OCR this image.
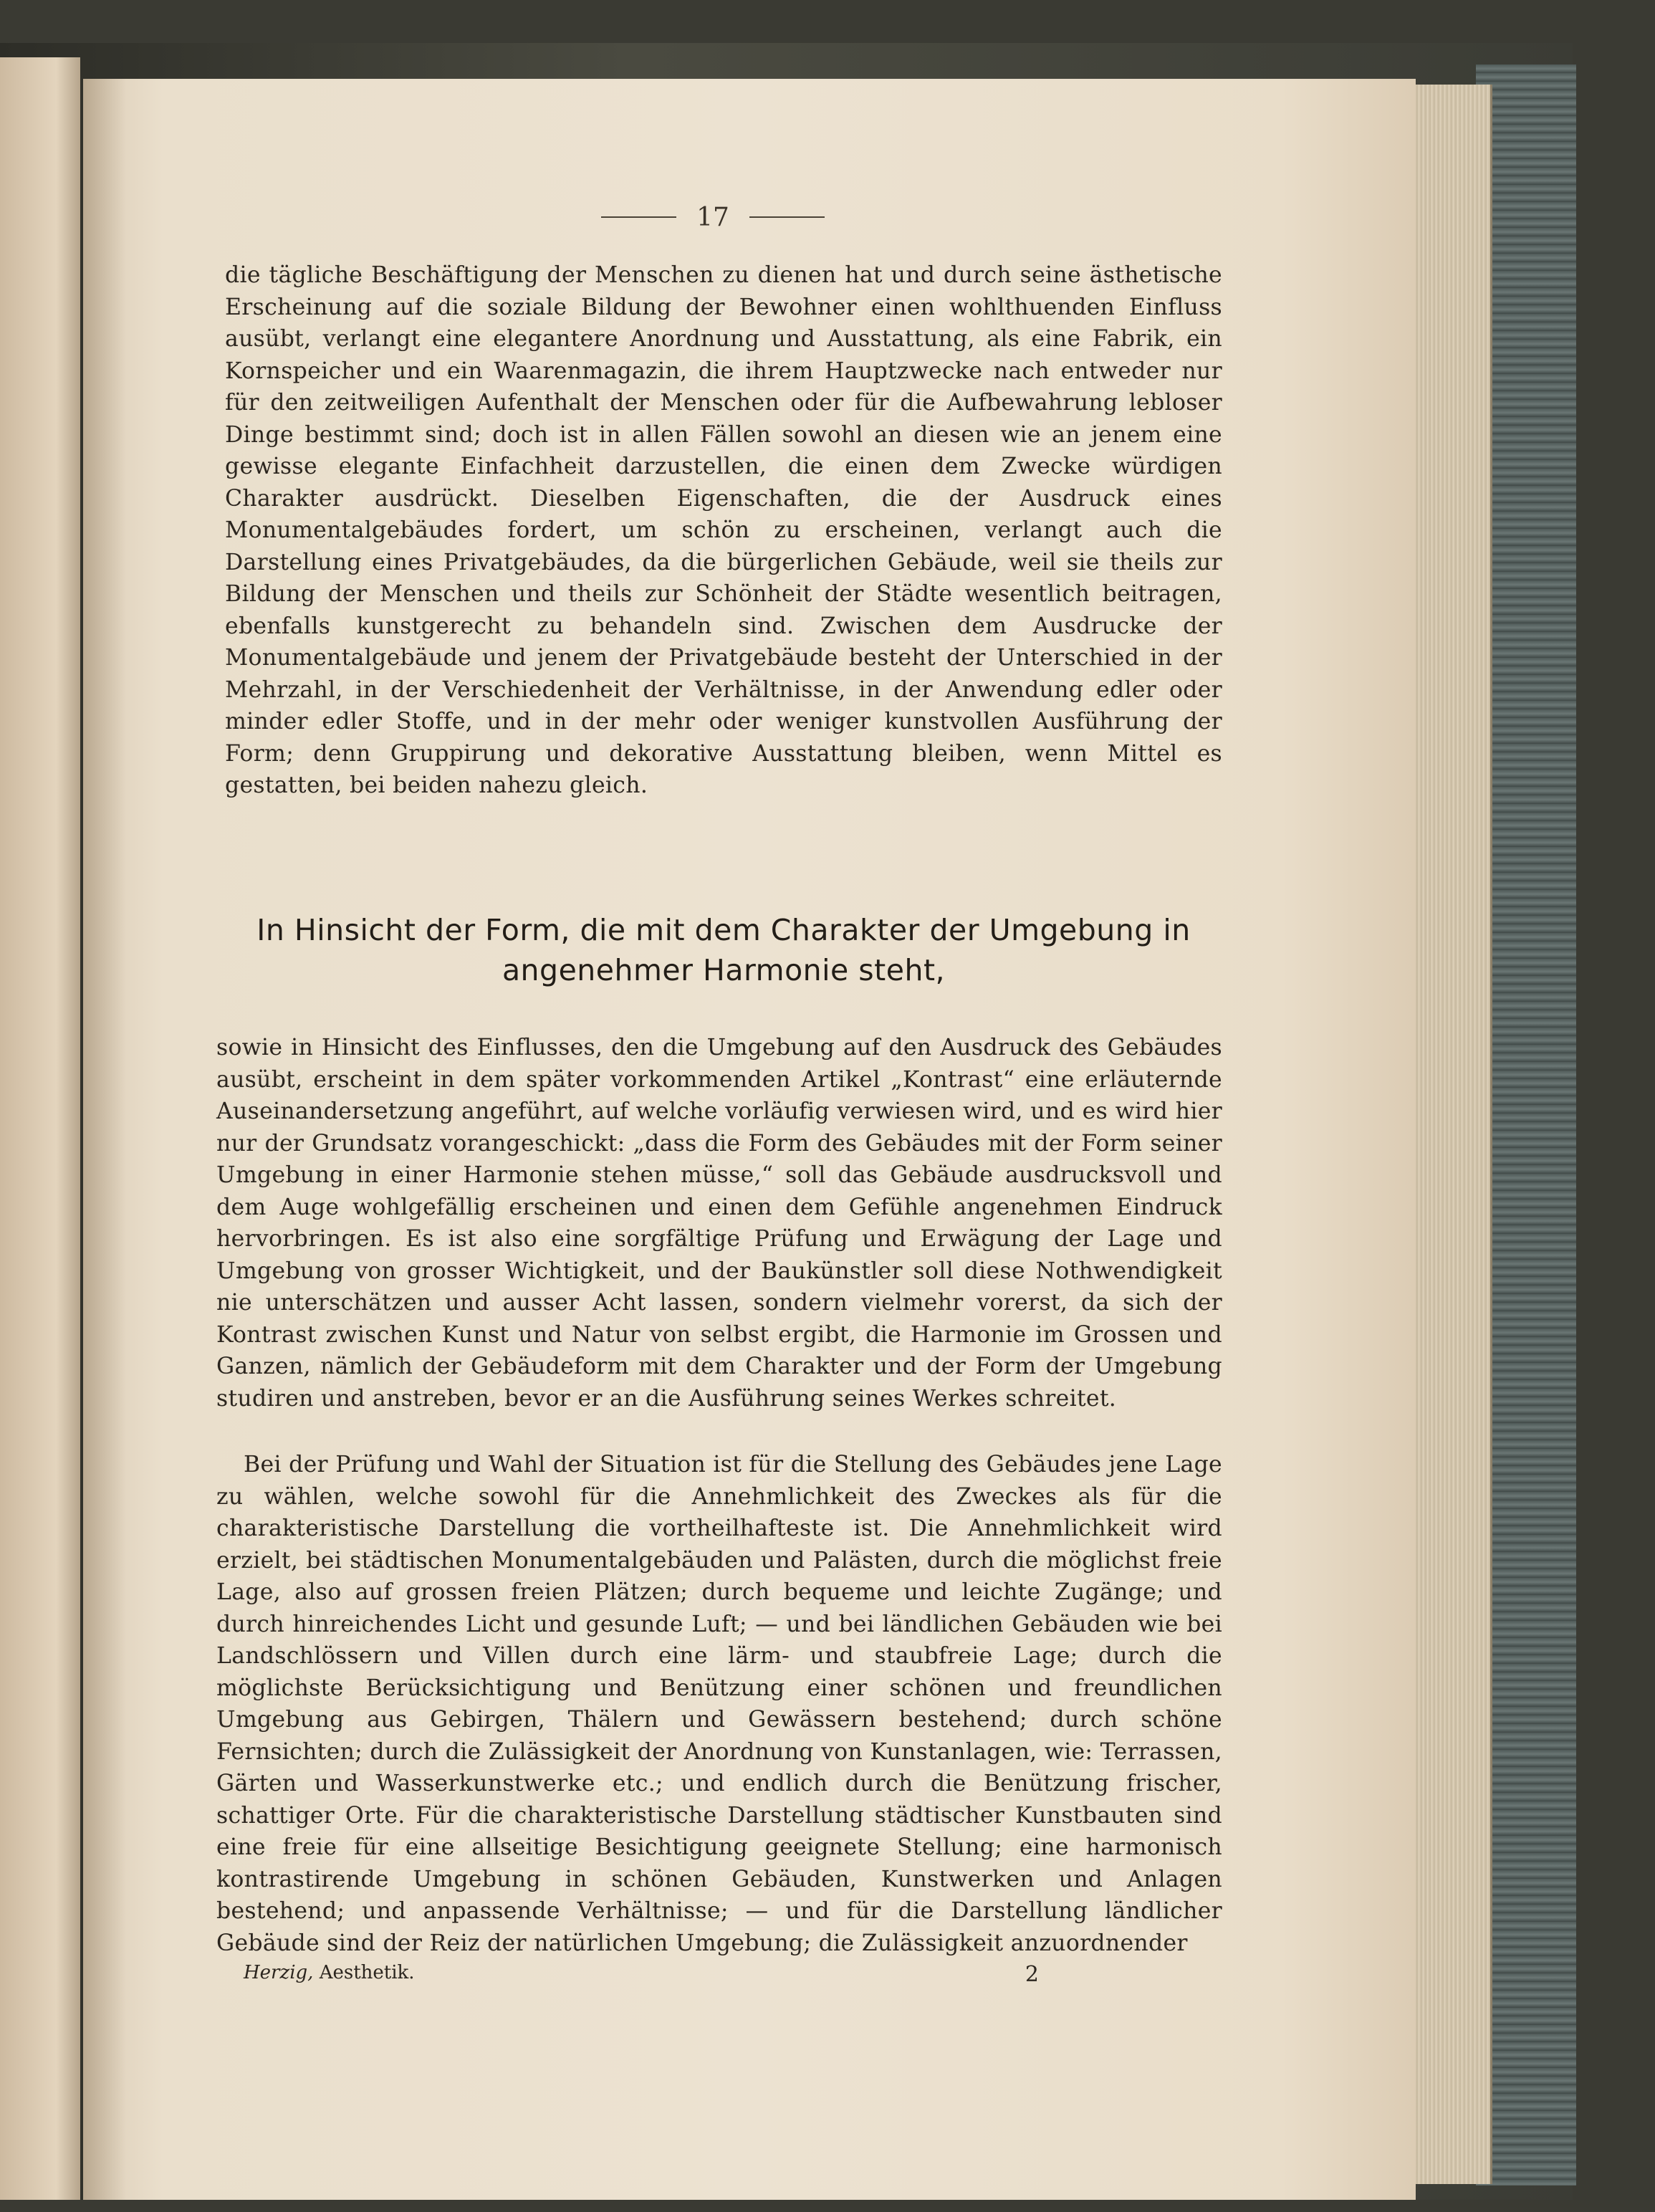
17
die tägliche Beschäftigung der Menschen zu dienen hat und durch seine ästhetische Erscheinung auf die soziale Bildung der Bewohner einen wohlthuenden Einfluss ausübt, verlangt eine elegantere Anordnung und Ausstattung, als eine Fabrik, ein Kornspeicher und ein Waarenmagazin, die ihrem Hauptzwecke nach entweder nur für den zeitweiligen Aufenthalt der Menschen oder für die Aufbewahrung lebloser Dinge bestimmt sind; doch ist in allen Fällen sowohl an diesen wie an jenem eine gewisse elegante Einfachheit darzustellen, die einen dem Zwecke würdigen Charakter ausdrückt. Dieselben Eigenschaften, die der Ausdruck eines Monumentalgebäudes fordert, um schön zu erscheinen, verlangt auch die Darstellung eines Privatgebäudes, da die bürgerlichen Gebäude, weil sie theils zur Bildung der Menschen und theils zur Schönheit der Städte wesentlich beitragen, ebenfalls kunstgerecht zu behandeln sind. Zwischen dem Ausdrucke der Monumentalgebäude und jenem der Privatgebäude besteht der Unterschied in der Mehrzahl, in der Verschiedenheit der Verhältnisse, in der Anwendung edler oder minder edler Stoffe, und in der mehr oder weniger kunstvollen Ausführung der Form; denn Gruppirung und dekorative Ausstattung bleiben, wenn Mittel es gestatten, bei beiden nahezu gleich.
In Hinsicht der Form, die mit dem Charakter der Umgebung in
angenehmer Harmonie steht,
sowie in Hinsicht des Einflusses, den die Umgebung auf den Ausdruck des Gebäudes ausübt, erscheint in dem später vorkommenden Artikel „Kontrast“ eine erläuternde Auseinandersetzung angeführt, auf welche vorläufig verwiesen wird, und es wird hier nur der Grundsatz vorangeschickt: „dass die Form des Gebäudes mit der Form seiner Umgebung in einer Harmonie stehen müsse,“ soll das Gebäude ausdrucksvoll und dem Auge wohlgefällig erscheinen und einen dem Gefühle angenehmen Eindruck hervorbringen. Es ist also eine sorgfältige Prüfung und Erwägung der Lage und Umgebung von grosser Wichtigkeit, und der Baukünstler soll diese Nothwendigkeit nie unterschätzen und ausser Acht lassen, sondern vielmehr vorerst, da sich der Kontrast zwischen Kunst und Natur von selbst ergibt, die Harmonie im Grossen und Ganzen, nämlich der Gebäudeform mit dem Charakter und der Form der Umgebung studiren und anstreben, bevor er an die Ausführung seines Werkes schreitet.
Bei der Prüfung und Wahl der Situation ist für die Stellung des Gebäudes jene Lage zu wählen, welche sowohl für die Annehmlichkeit des Zweckes als für die charakteristische Darstellung die vortheilhafteste ist. Die Annehmlichkeit wird erzielt, bei städtischen Monumentalgebäuden und Palästen, durch die möglichst freie Lage, also auf grossen freien Plätzen; durch bequeme und leichte Zugänge; und durch hinreichendes Licht und gesunde Luft; — und bei ländlichen Gebäuden wie bei Landschlössern und Villen durch eine lärm- und staubfreie Lage; durch die möglichste Berücksichtigung und Benützung einer schönen und freundlichen Umgebung aus Gebirgen, Thälern und Gewässern bestehend; durch schöne Fernsichten; durch die Zulässigkeit der Anordnung von Kunstanlagen, wie: Terrassen, Gärten und Wasserkunstwerke etc.; und endlich durch die Benützung frischer, schattiger Orte. Für die charakteristische Darstellung städtischer Kunstbauten sind eine freie für eine allseitige Besichtigung geeignete Stellung; eine harmonisch kontrastirende Umgebung in schönen Gebäuden, Kunstwerken und Anlagen bestehend; und anpassende Verhältnisse; — und für die Darstellung ländlicher Gebäude sind der Reiz der natürlichen Umgebung; die Zulässigkeit anzuordnender
Herzig, Aesthetik.	2
